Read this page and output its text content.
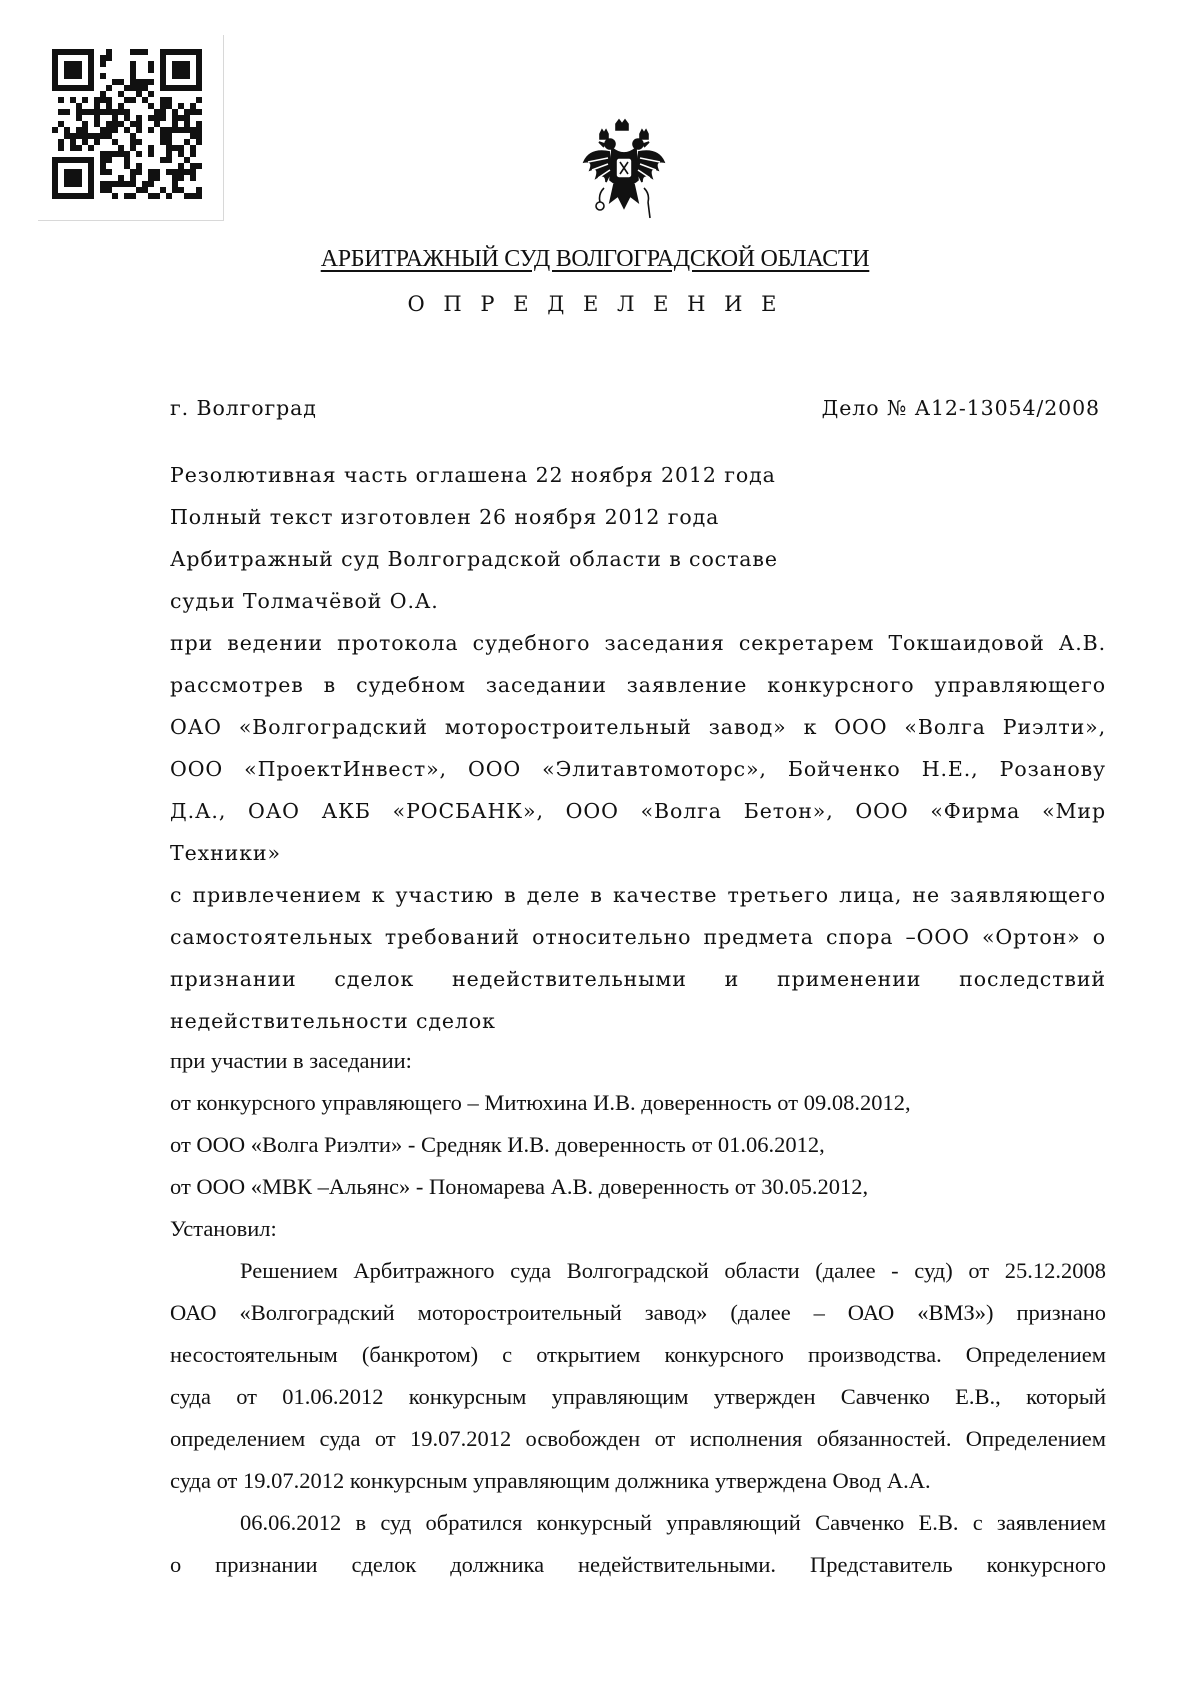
АРБИТРАЖНЫЙ СУД ВОЛГОГРАДСКОЙ ОБЛАСТИ
О П Р Е Д Е Л Е Н И Е
г. Волгоград	Дело № А12-13054/2008
Резолютивная часть оглашена 22 ноября 2012 года
Полный текст изготовлен 26 ноября 2012 года
Арбитражный суд Волгоградской области в составе
судьи Толмачёвой О.А.
при ведении протокола судебного заседания секретарем Токшаидовой А.В.
рассмотрев в судебном заседании заявление конкурсного управляющего
ОАО «Волгоградский моторостроительный завод» к ООО «Волга Риэлти»,
ООО «ПроектИнвест», ООО «Элитавтомоторс», Бойченко Н.Е., Розанову
Д.А., ОАО АКБ «РОСБАНК», ООО «Волга Бетон», ООО «Фирма «Мир
Техники»
с привлечением к участию в деле в качестве третьего лица, не заявляющего
самостоятельных требований относительно предмета спора –ООО «Ортон» о
признании сделок недействительными и применении последствий
недействительности сделок
при участии в заседании:
от конкурсного управляющего – Митюхина И.В. доверенность от 09.08.2012,
от ООО «Волга Риэлти» - Средняк И.В. доверенность от 01.06.2012,
от ООО «МВК –Альянс» - Пономарева А.В. доверенность от 30.05.2012,
Установил:
Решением Арбитражного суда Волгоградской области (далее - суд) от 25.12.2008
ОАО «Волгоградский моторостроительный завод» (далее – ОАО «ВМЗ») признано
несостоятельным (банкротом) с открытием конкурсного производства. Определением
суда от 01.06.2012 конкурсным управляющим утвержден Савченко Е.В., который
определением суда от 19.07.2012 освобожден от исполнения обязанностей. Определением
суда от 19.07.2012 конкурсным управляющим должника утверждена Овод А.А.
06.06.2012 в суд обратился конкурсный управляющий Савченко Е.В. с заявлением
о признании сделок должника недействительными. Представитель конкурсного
